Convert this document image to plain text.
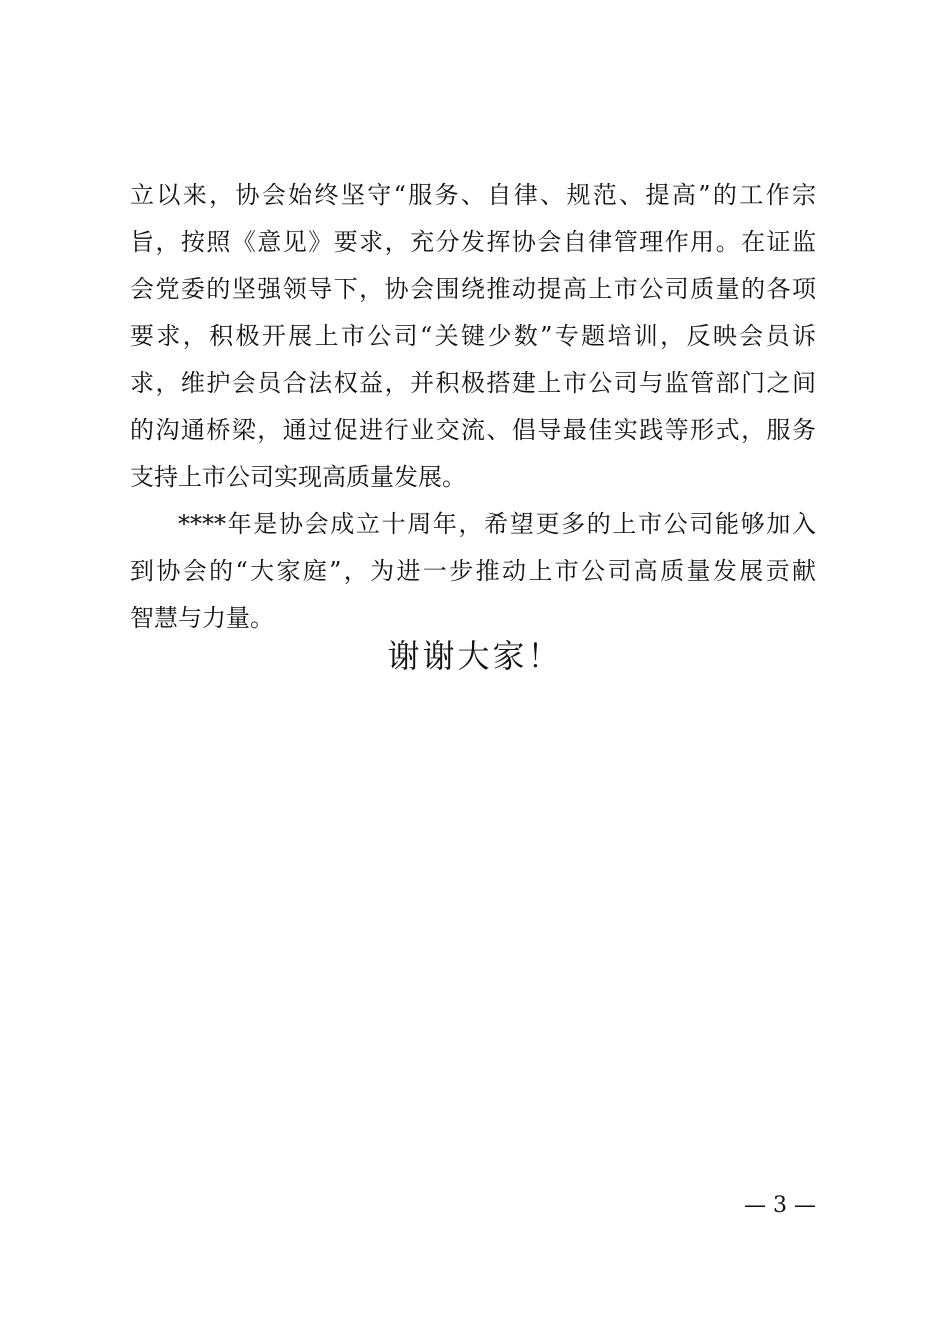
立以来，协会始终坚守“服务、自律、规范、提高”的工作宗
旨，按照《意见》要求，充分发挥协会自律管理作用。在证监
会党委的坚强领导下，协会围绕推动提高上市公司质量的各项
要求，积极开展上市公司“关键少数”专题培训，反映会员诉
求，维护会员合法权益，并积极搭建上市公司与监管部门之间
的沟通桥梁，通过促进行业交流、倡导最佳实践等形式，服务
支持上市公司实现高质量发展。
****年是协会成立十周年，希望更多的上市公司能够加入
到协会的“大家庭”，为进一步推动上市公司高质量发展贡献
智慧与力量。
谢谢大家！
— 3 —
